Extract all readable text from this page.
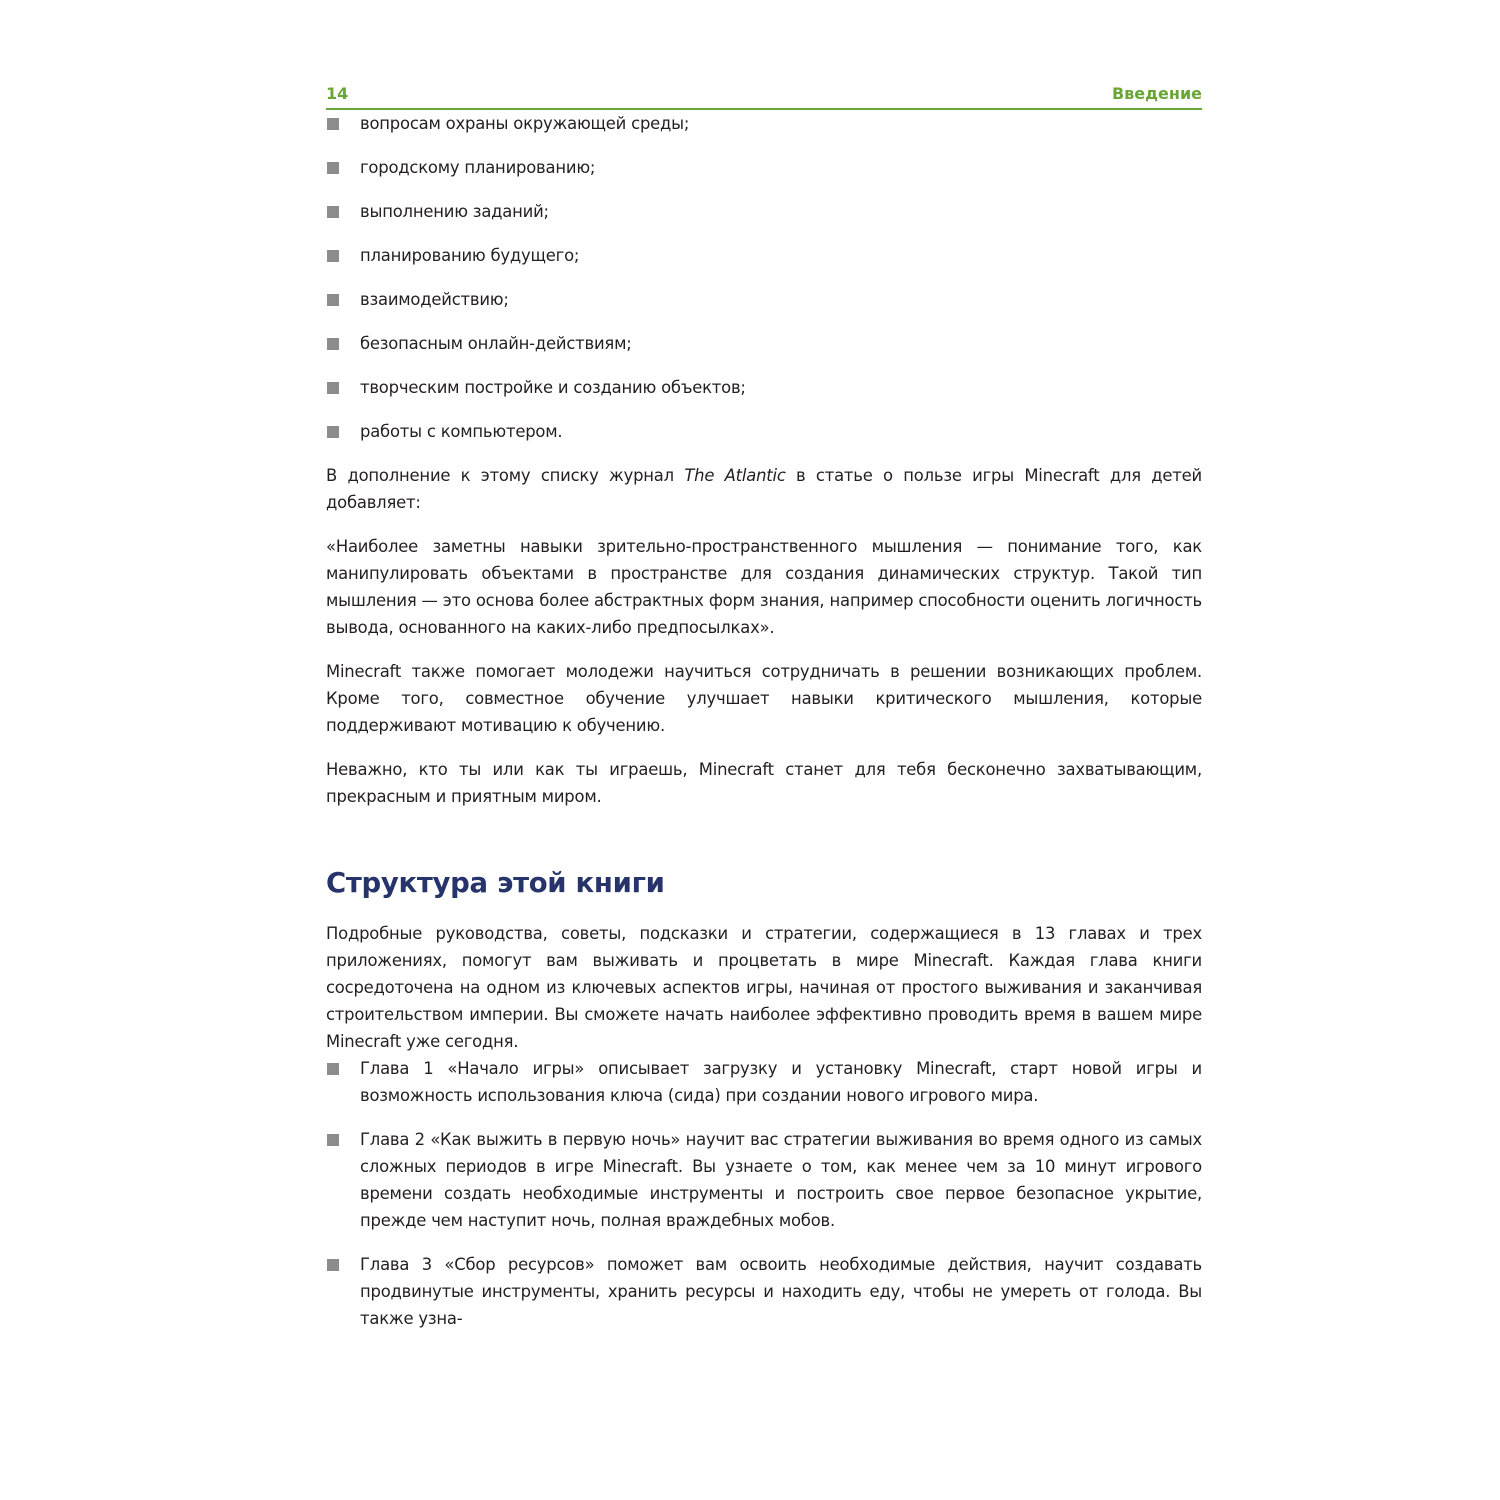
14	Введение
вопросам охраны окружающей среды;
городскому планированию;
выполнению заданий;
планированию будущего;
взаимодействию;
безопасным онлайн-действиям;
творческим постройке и созданию объектов;
работы с компьютером.

В дополнение к этому списку журнал The Atlantic в статье о пользе игры Minecraft для детей добавляет:

«Наиболее заметны навыки зрительно-пространственного мышления — понимание того, как манипулировать объектами в пространстве для создания динамических структур. Такой тип мышления — это основа более абстрактных форм знания, например способности оценить логичность вывода, основанного на каких-либо предпосылках».

Minecraft также помогает молодежи научиться сотрудничать в решении возникающих проблем. Кроме того, совместное обучение улучшает навыки критического мышления, которые поддерживают мотивацию к обучению.

Неважно, кто ты или как ты играешь, Minecraft станет для тебя бесконечно захватывающим, прекрасным и приятным миром.

Структура этой книги

Подробные руководства, советы, подсказки и стратегии, содержащиеся в 13 главах и трех приложениях, помогут вам выживать и процветать в мире Minecraft. Каждая глава книги сосредоточена на одном из ключевых аспектов игры, начиная от простого выживания и заканчивая строительством империи. Вы сможете начать наиболее эффективно проводить время в вашем мире Minecraft уже сегодня.

Глава 1 «Начало игры» описывает загрузку и установку Minecraft, старт новой игры и возможность использования ключа (сида) при создании нового игрового мира.
Глава 2 «Как выжить в первую ночь» научит вас стратегии выживания во время одного из самых сложных периодов в игре Minecraft. Вы узнаете о том, как менее чем за 10 минут игрового времени создать необходимые инструменты и построить свое первое безопасное укрытие, прежде чем наступит ночь, полная враждебных мобов.
Глава 3 «Сбор ресурсов» поможет вам освоить необходимые действия, научит создавать продвинутые инструменты, хранить ресурсы и находить еду, чтобы не умереть от голода. Вы также узна-
